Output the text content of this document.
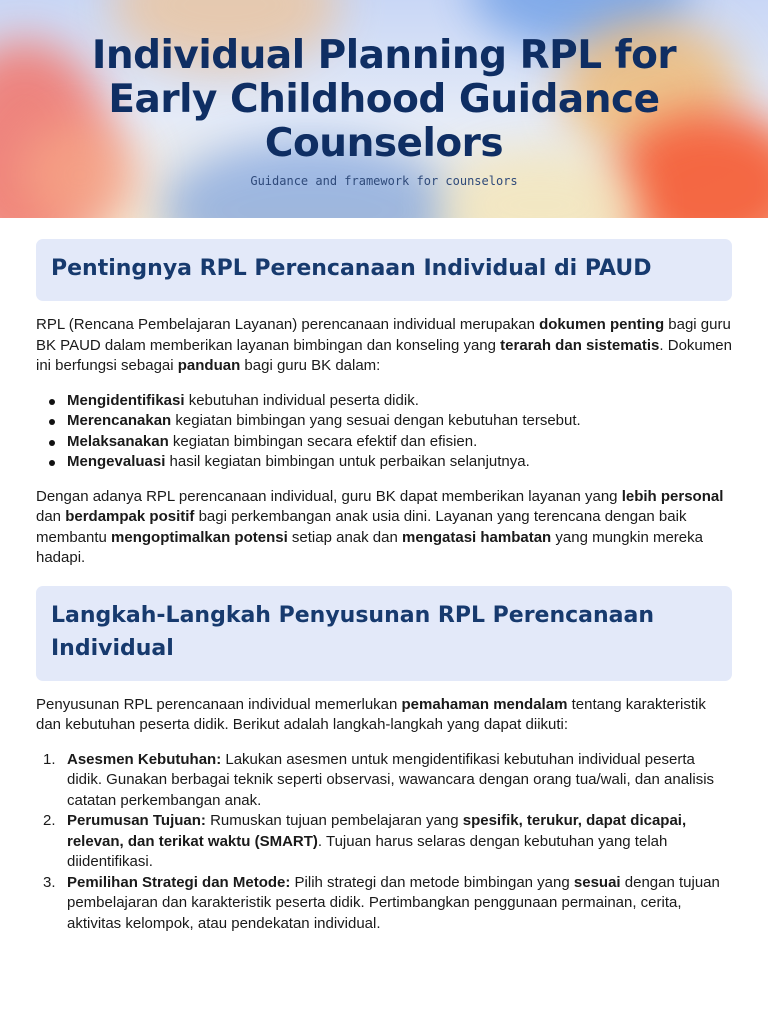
Individual Planning RPL for Early Childhood Guidance Counselors
Guidance and framework for counselors
Pentingnya RPL Perencanaan Individual di PAUD

RPL (Rencana Pembelajaran Layanan) perencanaan individual merupakan dokumen penting bagi guru BK PAUD dalam memberikan layanan bimbingan dan konseling yang terarah dan sistematis. Dokumen ini berfungsi sebagai panduan bagi guru BK dalam:

Mengidentifikasi kebutuhan individual peserta didik.
Merencanakan kegiatan bimbingan yang sesuai dengan kebutuhan tersebut.
Melaksanakan kegiatan bimbingan secara efektif dan efisien.
Mengevaluasi hasil kegiatan bimbingan untuk perbaikan selanjutnya.

Dengan adanya RPL perencanaan individual, guru BK dapat memberikan layanan yang lebih personal dan berdampak positif bagi perkembangan anak usia dini. Layanan yang terencana dengan baik membantu mengoptimalkan potensi setiap anak dan mengatasi hambatan yang mungkin mereka hadapi.

Langkah-Langkah Penyusunan RPL Perencanaan Individual

Penyusunan RPL perencanaan individual memerlukan pemahaman mendalam tentang karakteristik dan kebutuhan peserta didik. Berikut adalah langkah-langkah yang dapat diikuti:

1. Asesmen Kebutuhan: Lakukan asesmen untuk mengidentifikasi kebutuhan individual peserta didik. Gunakan berbagai teknik seperti observasi, wawancara dengan orang tua/wali, dan analisis catatan perkembangan anak.
2. Perumusan Tujuan: Rumuskan tujuan pembelajaran yang spesifik, terukur, dapat dicapai, relevan, dan terikat waktu (SMART). Tujuan harus selaras dengan kebutuhan yang telah diidentifikasi.
3. Pemilihan Strategi dan Metode: Pilih strategi dan metode bimbingan yang sesuai dengan tujuan pembelajaran dan karakteristik peserta didik. Pertimbangkan penggunaan permainan, cerita, aktivitas kelompok, atau pendekatan individual.
